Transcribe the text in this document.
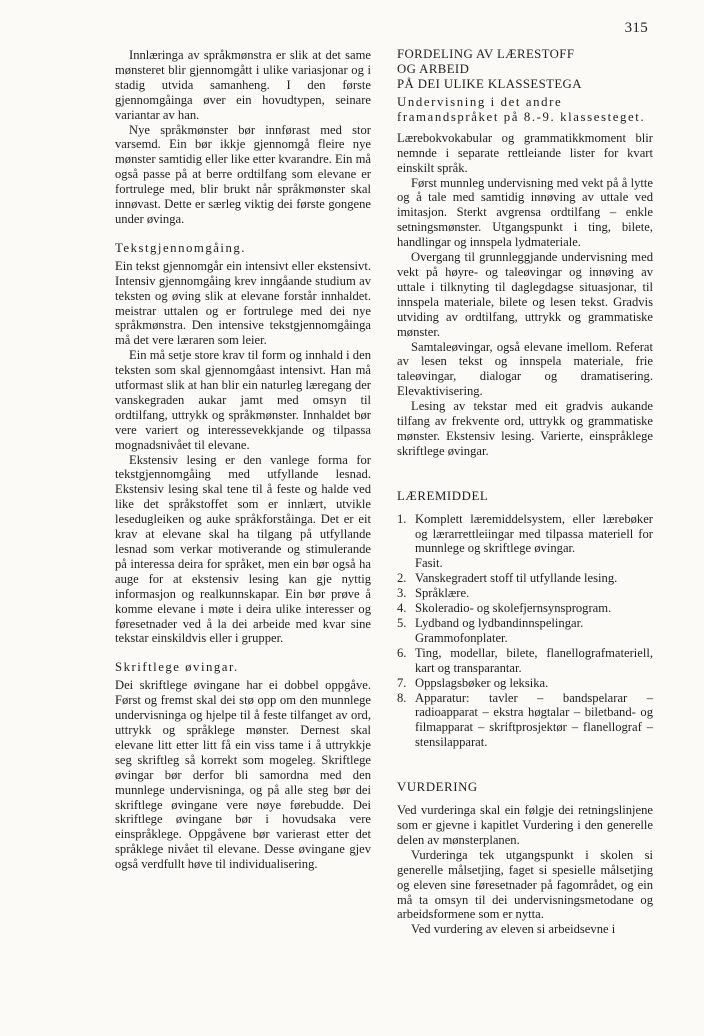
315

Innlæringa av språkmønstra er slik at det same mønsteret blir gjennomgått i ulike variasjonar og i stadig utvida samanheng. I den første gjennomgåinga øver ein hovudtypen, seinare variantar av han.

Nye språkmønster bør innførast med stor varsemd. Ein bør ikkje gjennomgå fleire nye mønster samtidig eller like etter kvarandre. Ein må også passe på at berre ordtilfang som elevane er fortrulege med, blir brukt når språkmønster skal innøvast. Dette er særleg viktig dei første gongene under øvinga.

Tekstgjennomgåing.

Ein tekst gjennomgår ein intensivt eller ekstensivt. Intensiv gjennomgåing krev inngåande studium av teksten og øving slik at elevane forstår innhaldet. meistrar uttalen og er fortrulege med dei nye språkmønstra. Den intensive tekstgjennomgåinga må det vere læraren som leier.

Ein må setje store krav til form og innhald i den teksten som skal gjennomgåast intensivt. Han må utformast slik at han blir ein naturleg læregang der vanskegraden aukar jamt med omsyn til ordtilfang, uttrykk og språkmønster. Innhaldet bør vere variert og interessevekkjande og tilpassa mognadsnivået til elevane.

Ekstensiv lesing er den vanlege forma for tekstgjennomgåing med utfyllande lesnad. Ekstensiv lesing skal tene til å feste og halde ved like det språkstoffet som er innlært, utvikle lesedugleiken og auke språkforståinga. Det er eit krav at elevane skal ha tilgang på utfyllande lesnad som verkar motiverande og stimulerande på interessa deira for språket, men ein bør også ha auge for at ekstensiv lesing kan gje nyttig informasjon og realkunnskapar. Ein bør prøve å komme elevane i møte i deira ulike interesser og føresetnader ved å la dei arbeide med kvar sine tekstar einskildvis eller i grupper.

Skriftlege øvingar.

Dei skriftlege øvingane har ei dobbel oppgåve. Først og fremst skal dei stø opp om den munnlege undervisninga og hjelpe til å feste tilfanget av ord, uttrykk og språklege mønster. Dernest skal elevane litt etter litt få ein viss tame i å uttrykkje seg skriftleg så korrekt som mogeleg. Skriftlege øvingar bør derfor bli samordna med den munnlege undervisninga, og på alle steg bør dei skriftlege øvingane vere nøye førebudde. Dei skriftlege øvingane bør i hovudsaka vere einspråklege. Oppgåvene bør varierast etter det språklege nivået til elevane. Desse øvingane gjev også verdfullt høve til individualisering.

FORDELING AV LÆRESTOFF
OG ARBEID
PÅ DEI ULIKE KLASSESTEGA
Undervisning i det andre framandspråket på 8.-9. klassesteget.

Lærebokvokabular og grammatikkmoment blir nemnde i separate rettleiande lister for kvart einskilt språk.

Først munnleg undervisning med vekt på å lytte og å tale med samtidig innøving av uttale ved imitasjon. Sterkt avgrensa ordtilfang – enkle setningsmønster. Utgangspunkt i ting, bilete, handlingar og innspela lydmateriale.

Overgang til grunnleggjande undervisning med vekt på høyre- og taleøvingar og innøving av uttale i tilknyting til daglegdagse situasjonar, til innspela materiale, bilete og lesen tekst. Gradvis utviding av ordtilfang, uttrykk og grammatiske mønster.

Samtaleøvingar, også elevane imellom. Referat av lesen tekst og innspela materiale, frie taleøvingar, dialogar og dramatisering. Elevaktivisering.

Lesing av tekstar med eit gradvis aukande tilfang av frekvente ord, uttrykk og grammatiske mønster. Ekstensiv lesing. Varierte, einspråklege skriftlege øvingar.

LÆREMIDDEL
1. Komplett læremiddelsystem, eller lærebøker og lærarrettleiingar med tilpassa materiell for munnlege og skriftlege øvingar.
Fasit.
2. Vanskegradert stoff til utfyllande lesing.
3. Språklære.
4. Skoleradio- og skolefjernsynsprogram.
5. Lydband og lydbandinnspelingar.
Grammofonplater.
6. Ting, modellar, bilete, flanellografmateriell, kart og transparantar.
7. Oppslagsbøker og leksika.
8. Apparatur: tavler – bandspelarar – radioapparat – ekstra høgtalar – biletband- og filmapparat – skriftprosjektør – flanellograf – stensilapparat.
VURDERING

Ved vurderinga skal ein følgje dei retningslinjene som er gjevne i kapitlet Vurdering i den generelle delen av mønsterplanen.

Vurderinga tek utgangspunkt i skolen si generelle målsetjing, faget si spesielle målsetjing og eleven sine føresetnader på fagområdet, og ein må ta omsyn til dei undervisningsmetodane og arbeidsformene som er nytta.

Ved vurdering av eleven si arbeidsevne i
